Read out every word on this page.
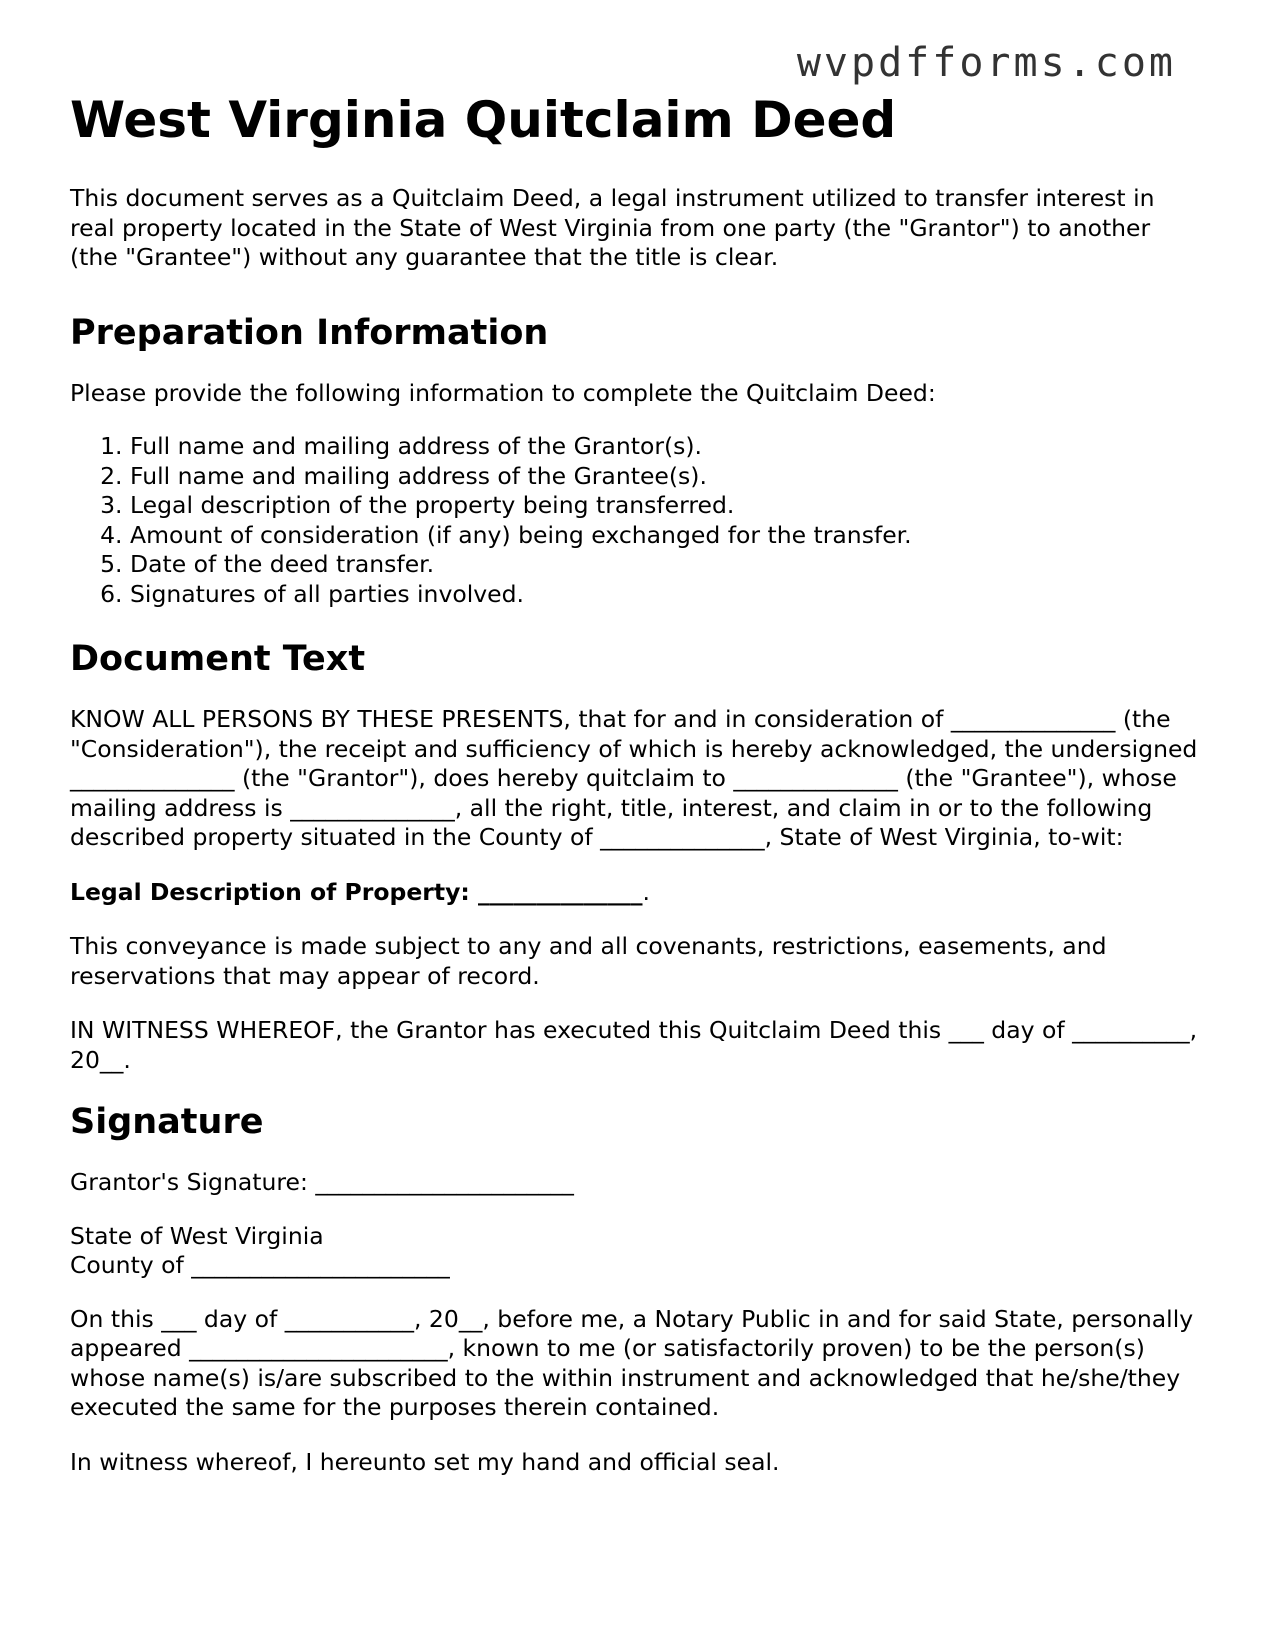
wvpdfforms.com
West Virginia Quitclaim Deed

This document serves as a Quitclaim Deed, a legal instrument utilized to transfer interest in real property located in the State of West Virginia from one party (the "Grantor") to another (the "Grantee") without any guarantee that the title is clear.

Preparation Information

Please provide the following information to complete the Quitclaim Deed:

1. Full name and mailing address of the Grantor(s).
2. Full name and mailing address of the Grantee(s).
3. Legal description of the property being transferred.
4. Amount of consideration (if any) being exchanged for the transfer.
5. Date of the deed transfer.
6. Signatures of all parties involved.
Document Text

KNOW ALL PERSONS BY THESE PRESENTS, that for and in consideration of ______________ (the "Consideration"), the receipt and sufficiency of which is hereby acknowledged, the undersigned ______________ (the "Grantor"), does hereby quitclaim to ______________ (the "Grantee"), whose mailing address is ______________, all the right, title, interest, and claim in or to the following described property situated in the County of ______________, State of West Virginia, to-wit:

Legal Description of Property: ______________.

This conveyance is made subject to any and all covenants, restrictions, easements, and reservations that may appear of record.

IN WITNESS WHEREOF, the Grantor has executed this Quitclaim Deed this ___ day of __________, 20__.

Signature

Grantor's Signature: ______________________

State of West Virginia
County of ______________________

On this ___ day of ___________, 20__, before me, a Notary Public in and for said State, personally appeared ______________________, known to me (or satisfactorily proven) to be the person(s) whose name(s) is/are subscribed to the within instrument and acknowledged that he/she/they executed the same for the purposes therein contained.

In witness whereof, I hereunto set my hand and official seal.
